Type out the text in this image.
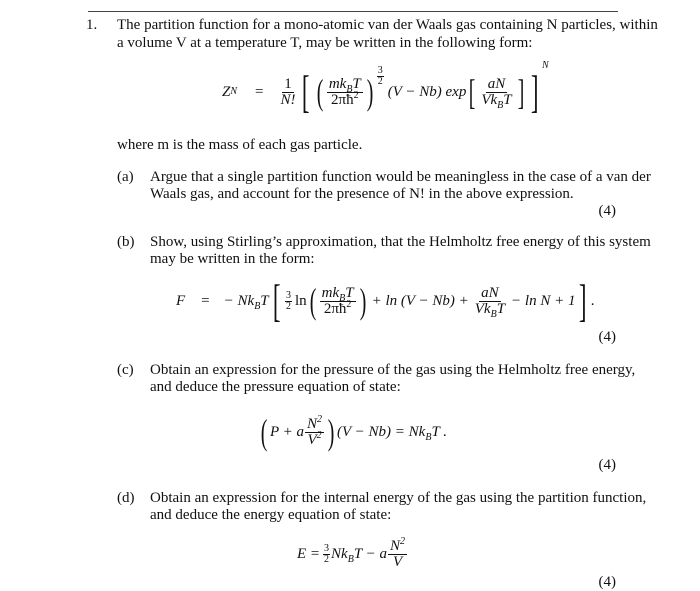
1. The partition function for a mono-atomic van der Waals gas containing N particles, within
a volume V at a temperature T, may be written in the following form:
Z $N = \frac{1}{N!}$ [ ( $\frac{mk_BT}{2\pi ħ^2}$ ) $\frac{3}{2}$
(V − Nb) exp [ $\frac{aN}{Vk_BT}$ ] ]
N
where m is the mass of each gas particle.
(a) Argue that a single partition function would be meaningless in the case of a van der
Waals gas, and account for the presence of N! in the above expression.
(4)
(b) Show, using Stirling’s approximation, that the Helmholtz free energy of this system
may be written in the form:
F = − $Nk_BT$ [ $\frac{3}{2}$ ln ( $\frac{mk_BT}{2\pi ħ^2}$ ) + $\ln (V - Nb) + \frac{aN}{Vk_BT} - \ln N + 1$ ] .
(4)
(c) Obtain an expression for the pressure of the gas using the Helmholtz free energy,
and deduce the pressure equation of state:
( P + a $\frac{N^2}{V^2}$ ) $(V - Nb) = Nk_BT$ .
(4)
(d) Obtain an expression for the internal energy of the gas using the partition function,
and deduce the energy equation of state:
$E = \frac{3}{2} Nk_BT - a \frac{N^2}{V}$
(4)
